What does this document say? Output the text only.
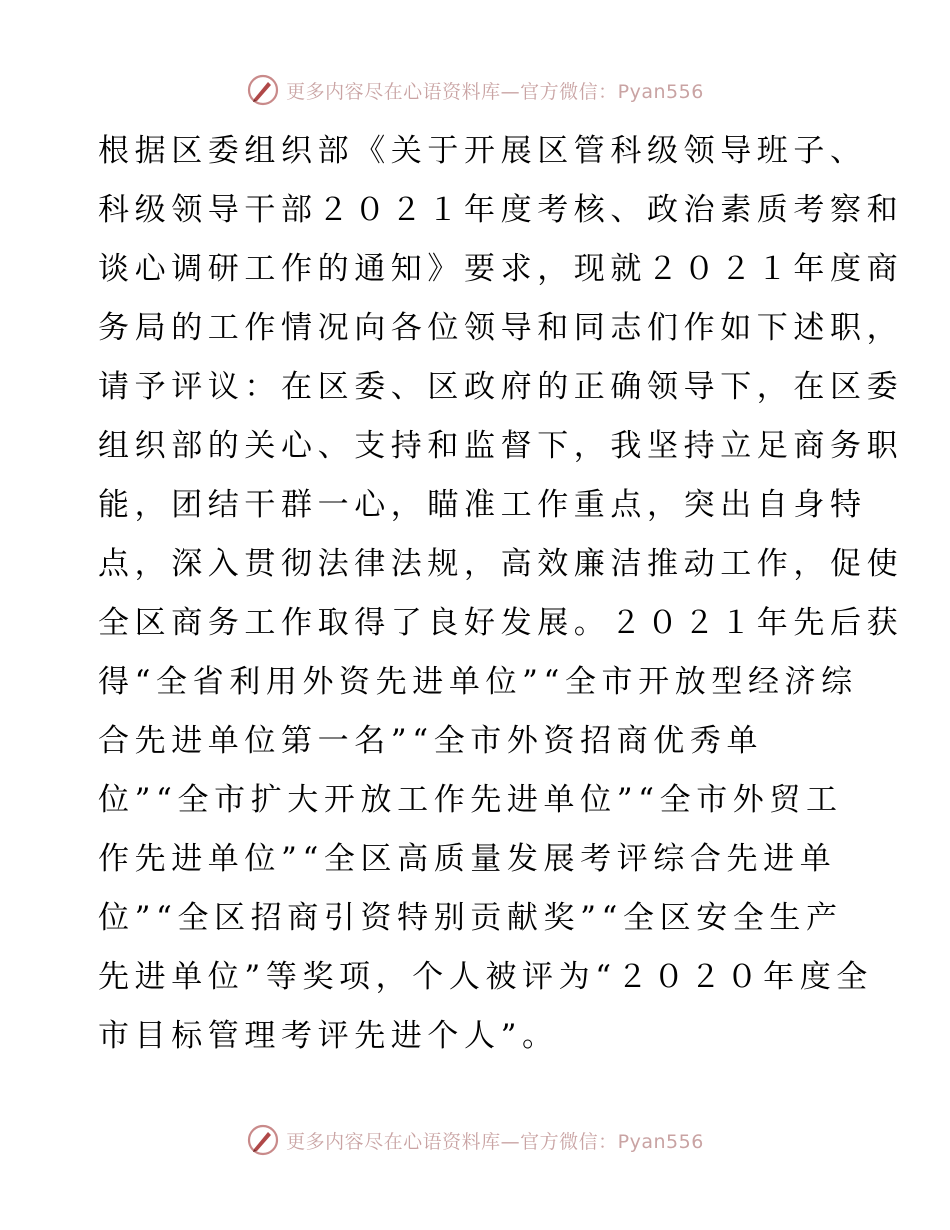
更多内容尽在心语资料库—官方微信：Pyan556
根据区委组织部《关于开展区管科级领导班子、
科级领导干部２０２１年度考核、政治素质考察和
谈心调研工作的通知》要求，现就２０２１年度商
务局的工作情况向各位领导和同志们作如下述职，
请予评议：在区委、区政府的正确领导下，在区委
组织部的关心、支持和监督下，我坚持立足商务职
能，团结干群一心，瞄准工作重点，突出自身特
点，深入贯彻法律法规，高效廉洁推动工作，促使
全区商务工作取得了良好发展。２０２１年先后获
得“全省利用外资先进单位”“全市开放型经济综
合先进单位第一名”“全市外资招商优秀单
位”“全市扩大开放工作先进单位”“全市外贸工
作先进单位”“全区高质量发展考评综合先进单
位”“全区招商引资特别贡献奖”“全区安全生产
先进单位”等奖项，个人被评为“２０２０年度全
市目标管理考评先进个人”。
更多内容尽在心语资料库—官方微信：Pyan556
